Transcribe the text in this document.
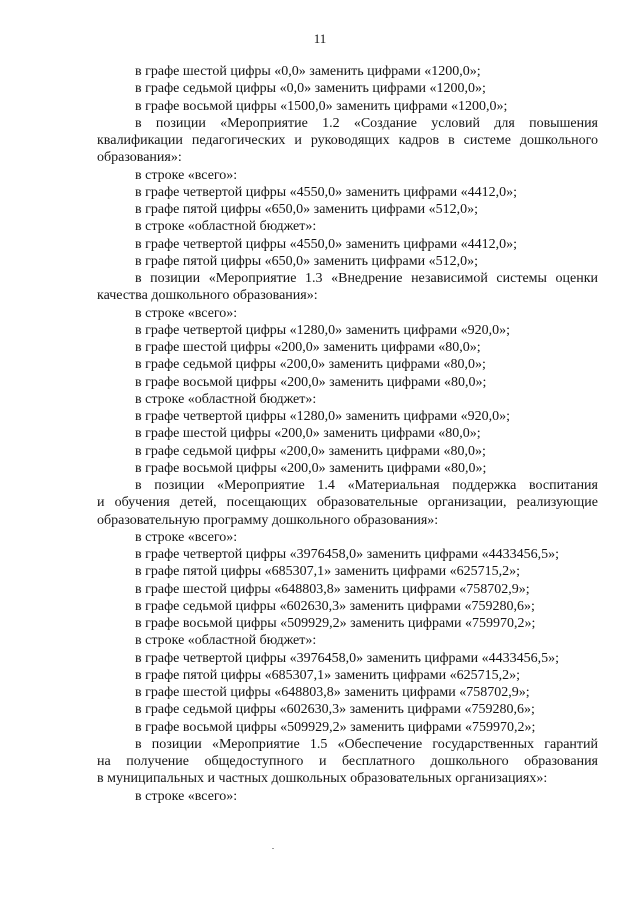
11
в графе шестой цифры «0,0» заменить цифрами «1200,0»;
в графе седьмой цифры «0,0» заменить цифрами «1200,0»;
в графе восьмой цифры «1500,0» заменить цифрами «1200,0»;
в позиции «Мероприятие 1.2 «Создание условий для повышения
квалификации педагогических и руководящих кадров в системе дошкольного
образования»:
в строке «всего»:
в графе четвертой цифры «4550,0» заменить цифрами «4412,0»;
в графе пятой цифры «650,0» заменить цифрами «512,0»;
в строке «областной бюджет»:
в графе четвертой цифры «4550,0» заменить цифрами «4412,0»;
в графе пятой цифры «650,0» заменить цифрами «512,0»;
в позиции «Мероприятие 1.3 «Внедрение независимой системы оценки
качества дошкольного образования»:
в строке «всего»:
в графе четвертой цифры «1280,0» заменить цифрами «920,0»;
в графе шестой цифры «200,0» заменить цифрами «80,0»;
в графе седьмой цифры «200,0» заменить цифрами «80,0»;
в графе восьмой цифры «200,0» заменить цифрами «80,0»;
в строке «областной бюджет»:
в графе четвертой цифры «1280,0» заменить цифрами «920,0»;
в графе шестой цифры «200,0» заменить цифрами «80,0»;
в графе седьмой цифры «200,0» заменить цифрами «80,0»;
в графе восьмой цифры «200,0» заменить цифрами «80,0»;
в позиции «Мероприятие 1.4 «Материальная поддержка воспитания
и обучения детей, посещающих образовательные организации, реализующие
образовательную программу дошкольного образования»:
в строке «всего»:
в графе четвертой цифры «3976458,0» заменить цифрами «4433456,5»;
в графе пятой цифры «685307,1» заменить цифрами «625715,2»;
в графе шестой цифры «648803,8» заменить цифрами «758702,9»;
в графе седьмой цифры «602630,3» заменить цифрами «759280,6»;
в графе восьмой цифры «509929,2» заменить цифрами «759970,2»;
в строке «областной бюджет»:
в графе четвертой цифры «3976458,0» заменить цифрами «4433456,5»;
в графе пятой цифры «685307,1» заменить цифрами «625715,2»;
в графе шестой цифры «648803,8» заменить цифрами «758702,9»;
в графе седьмой цифры «602630,3» заменить цифрами «759280,6»;
в графе восьмой цифры «509929,2» заменить цифрами «759970,2»;
в позиции «Мероприятие 1.5 «Обеспечение государственных гарантий
на получение общедоступного и бесплатного дошкольного образования
в муниципальных и частных дошкольных образовательных организациях»:
в строке «всего»:
